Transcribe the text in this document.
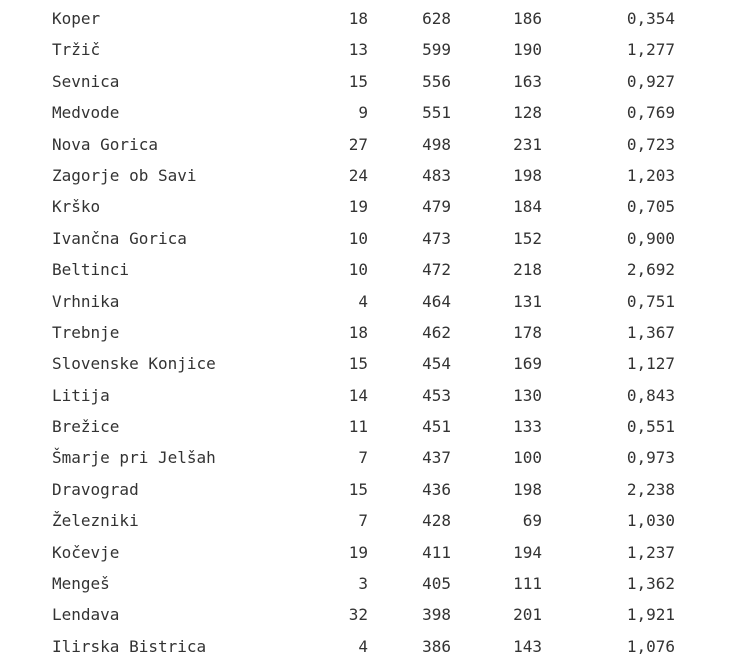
Koper	18	628	186	0,354
Tržič	13	599	190	1,277
Sevnica	15	556	163	0,927
Medvode	9	551	128	0,769
Nova Gorica	27	498	231	0,723
Zagorje ob Savi	24	483	198	1,203
Krško	19	479	184	0,705
Ivančna Gorica	10	473	152	0,900
Beltinci	10	472	218	2,692
Vrhnika	4	464	131	0,751
Trebnje	18	462	178	1,367
Slovenske Konjice	15	454	169	1,127
Litija	14	453	130	0,843
Brežice	11	451	133	0,551
Šmarje pri Jelšah	7	437	100	0,973
Dravograd	15	436	198	2,238
Železniki	7	428	69	1,030
Kočevje	19	411	194	1,237
Mengeš	3	405	111	1,362
Lendava	32	398	201	1,921
Ilirska Bistrica	4	386	143	1,076
